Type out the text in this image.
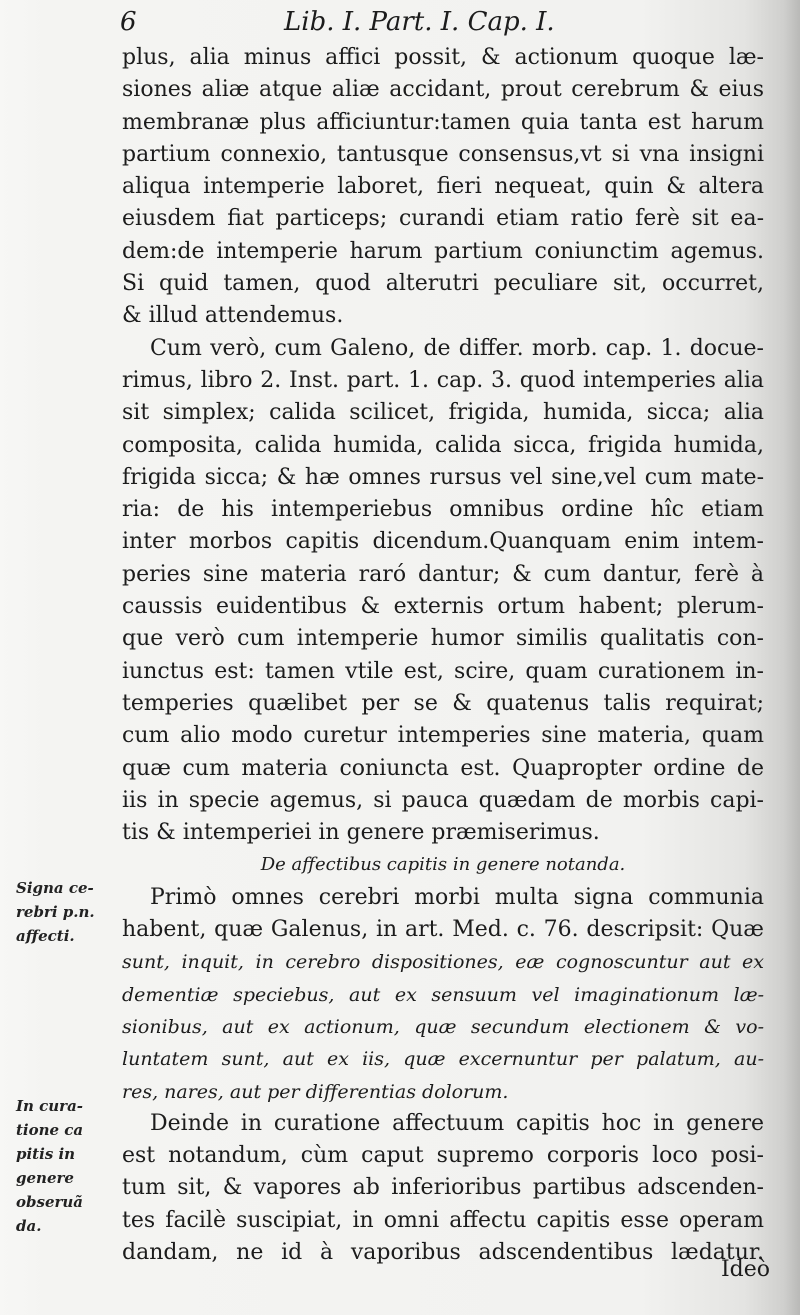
6	Lib. I. Part. I. Cap. I.
plus, alia minus affici possit, & actionum quoque læ-
siones aliæ atque aliæ accidant, prout cerebrum & eius
membranæ plus afficiuntur:tamen quia tanta est harum
partium connexio, tantusque consensus,vt si vna insigni
aliqua intemperie laboret, fieri nequeat, quin & altera
eiusdem fiat particeps; curandi etiam ratio ferè sit ea-
dem:de intemperie harum partium coniunctim agemus.
Si quid tamen, quod alterutri peculiare sit, occurret,
& illud attendemus.
Cum verò, cum Galeno, de differ. morb. cap. 1. docue-
rimus, libro 2. Inst. part. 1. cap. 3. quod intemperies alia
sit simplex; calida scilicet, frigida, humida, sicca; alia
composita, calida humida, calida sicca, frigida humida,
frigida sicca; & hæ omnes rursus vel sine,vel cum mate-
ria: de his intemperiebus omnibus ordine hîc etiam
inter morbos capitis dicendum.Quanquam enim intem-
peries sine materia raró dantur; & cum dantur, ferè à
caussis euidentibus & externis ortum habent; plerum-
que verò cum intemperie humor similis qualitatis con-
iunctus est: tamen vtile est, scire, quam curationem in-
temperies quælibet per se & quatenus talis requirat;
cum alio modo curetur intemperies sine materia, quam
quæ cum materia coniuncta est. Quapropter ordine de
iis in specie agemus, si pauca quædam de morbis capi-
tis & intemperiei in genere præmiserimus.
De affectibus capitis in genere notanda.
Primò omnes cerebri morbi multa signa communia
habent, quæ Galenus, in art. Med. c. 76. descripsit: Quæ
sunt, inquit, in cerebro dispositiones, eæ cognoscuntur aut ex
dementiæ speciebus, aut ex sensuum vel imaginationum læ-
sionibus, aut ex actionum, quæ secundum electionem & vo-
luntatem sunt, aut ex iis, quæ excernuntur per palatum, au-
res, nares, aut per differentias dolorum.
Deinde in curatione affectuum capitis hoc in genere
est notandum, cùm caput supremo corporis loco posi-
tum sit, & vapores ab inferioribus partibus adscenden-
tes facilè suscipiat, in omni affectu capitis esse operam
dandam, ne id à vaporibus adscendentibus lædatur.
Ideò
Signa ce-
rebri p.n.
affecti.
In cura-
tione ca
pitis in
genere
obseruã
da.
